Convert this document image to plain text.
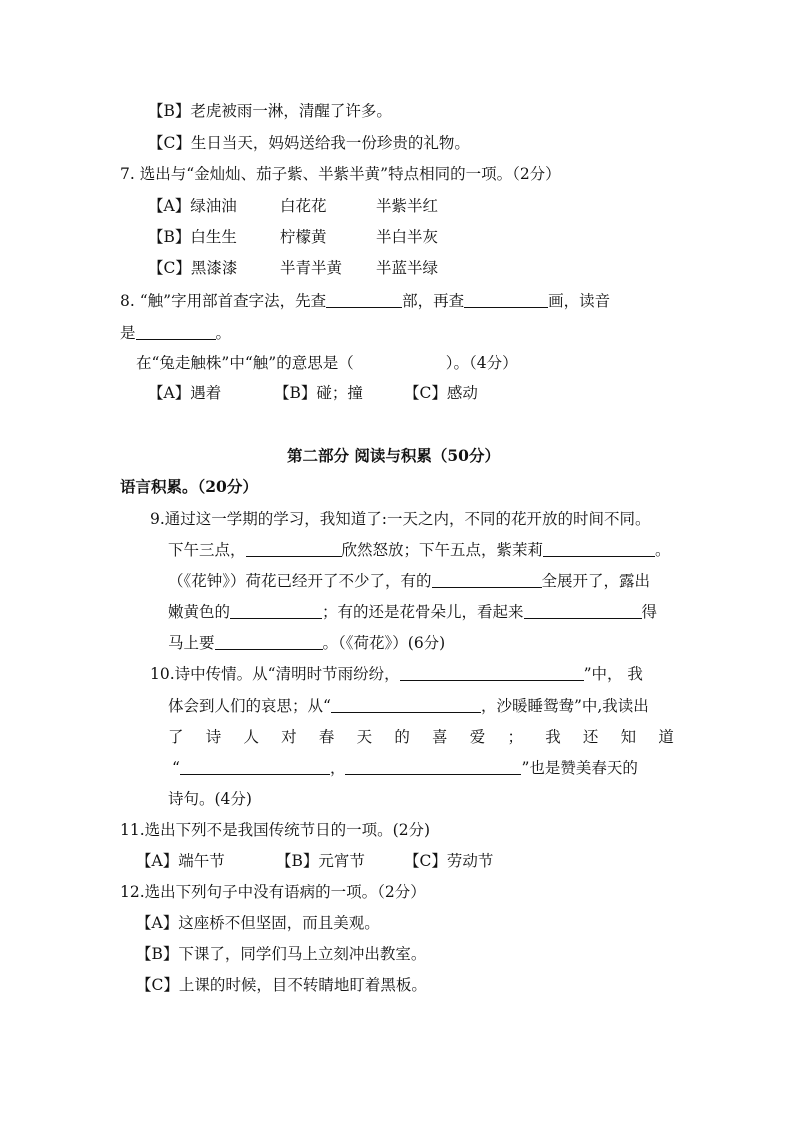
【B】老虎被雨一淋，清醒了许多。
【C】生日当天，妈妈送给我一份珍贵的礼物。
7. 选出与“金灿灿、茄子紫、半紫半黄”特点相同的一项。（2分）
【A】绿油油	白花花	半紫半红
【B】白生生	柠檬黄	半白半灰
【C】黑漆漆	半青半黄 半蓝半绿
8. “触”字用部首查字法，先查	部，再查	画，读音
是	。
在“兔走触株”中“触”的意思是（	）。（4分）
【A】遇着	【B】碰；撞	【C】感动
第二部分 阅读与积累（50分）
语言积累。（20分）
9.通过这一学期的学习，我知道了:一天之内，不同的花开放的时间不同。
下午三点，	欣然怒放；下午五点，紫茉莉	。
（《花钟》）荷花已经开了不少了，有的	全展开了，露出
嫩黄色的	；有的还是花骨朵儿，看起来	得
马上要	。（《荷花》）(6分)
10.诗中传情。从“清明时节雨纷纷，	”中， 我
体会到人们的哀思；从“	，沙暖睡鸳鸯”中,我读出
了 诗 人 对 春 天 的 喜 爱 ； 我 还 知 道
“	，	”也是赞美春天的
诗句。(4分)
11.选出下列不是我国传统节日的一项。(2分)
【A】端午节	【B】元宵节	【C】劳动节
12.选出下列句子中没有语病的一项。（2分）
【A】这座桥不但坚固，而且美观。
【B】下课了，同学们马上立刻冲出教室。
【C】上课的时候，目不转睛地盯着黑板。
